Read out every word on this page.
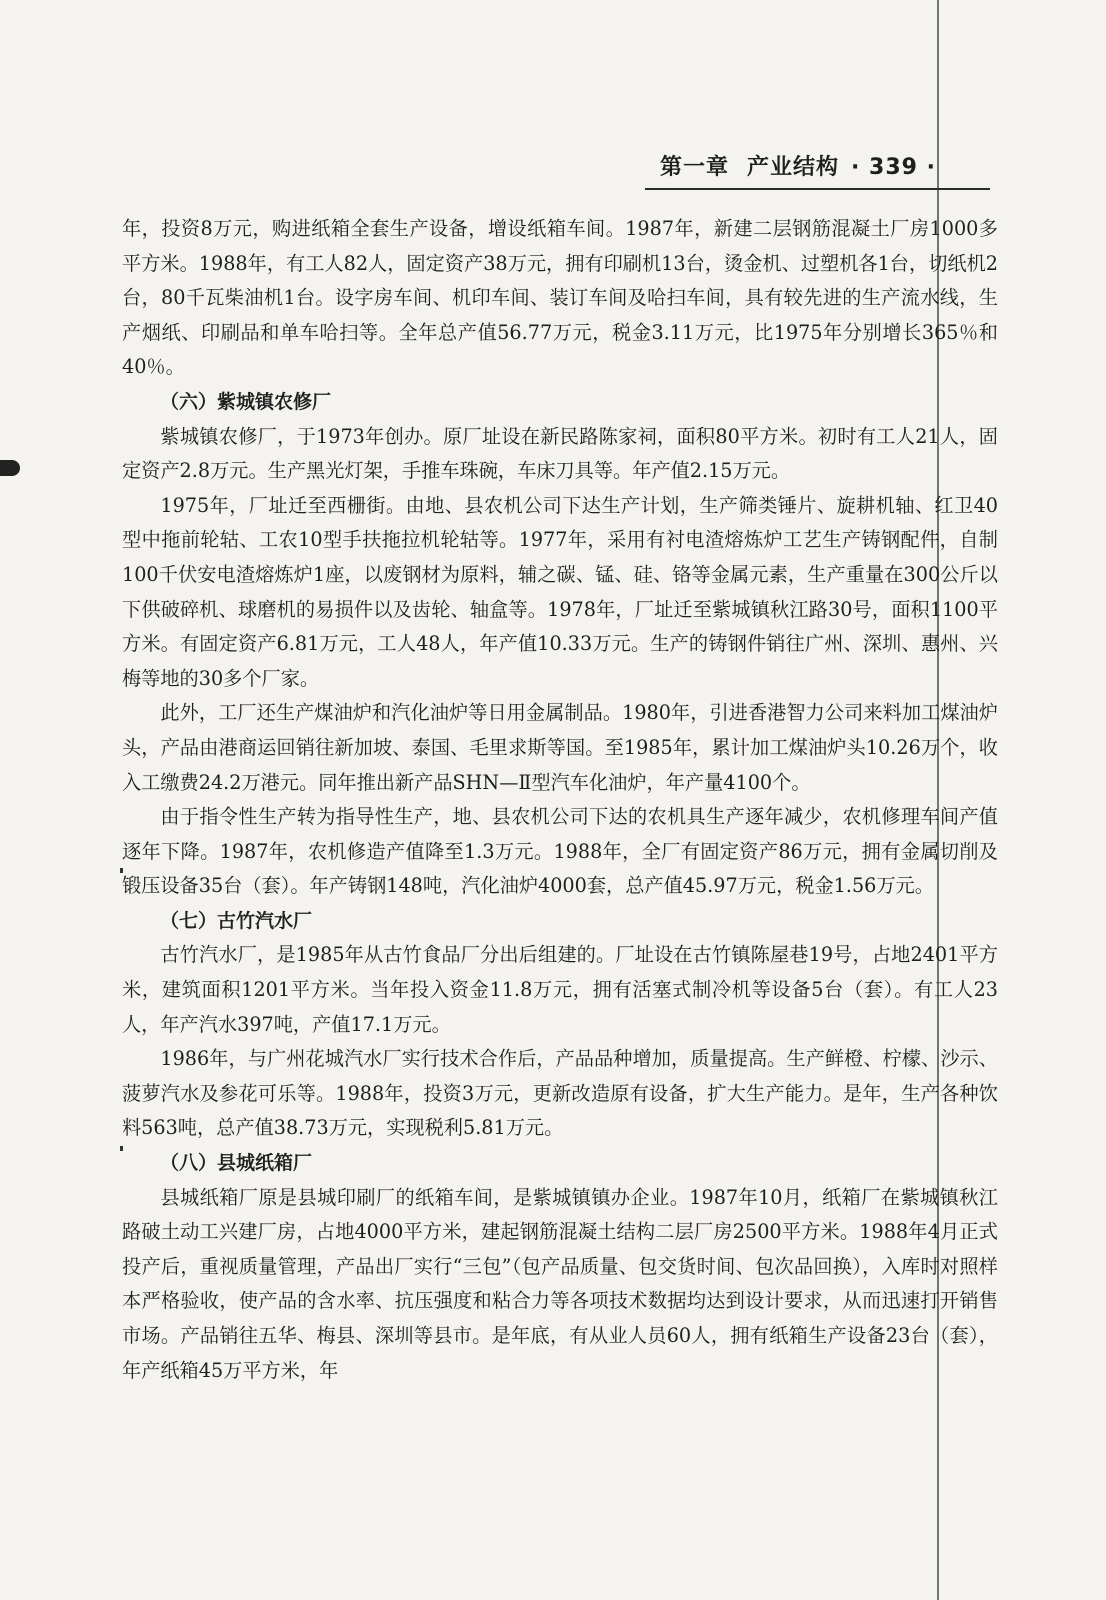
第一章 产业结构 · 339 ·

年，投资8万元，购进纸箱全套生产设备，增设纸箱车间。1987年，新建二层钢筋混凝土厂房1000多平方米。1988年，有工人82人，固定资产38万元，拥有印刷机13台，烫金机、过塑机各1台，切纸机2台，80千瓦柴油机1台。设字房车间、机印车间、装订车间及哈扫车间，具有较先进的生产流水线，生产烟纸、印刷品和单车哈扫等。全年总产值56.77万元，税金3.11万元，比1975年分别增长365％和40％。

（六）紫城镇农修厂

紫城镇农修厂，于1973年创办。原厂址设在新民路陈家祠，面积80平方米。初时有工人21人，固定资产2.8万元。生产黑光灯架，手推车珠碗，车床刀具等。年产值2.15万元。

1975年，厂址迁至西栅街。由地、县农机公司下达生产计划，生产筛类锤片、旋耕机轴、红卫40型中拖前轮轱、工农10型手扶拖拉机轮轱等。1977年，采用有衬电渣熔炼炉工艺生产铸钢配件，自制100千伏安电渣熔炼炉1座，以废钢材为原料，辅之碳、锰、硅、铬等金属元素，生产重量在300公斤以下供破碎机、球磨机的易损件以及齿轮、轴盒等。1978年，厂址迁至紫城镇秋江路30号，面积1100平方米。有固定资产6.81万元，工人48人，年产值10.33万元。生产的铸钢件销往广州、深圳、惠州、兴梅等地的30多个厂家。

此外，工厂还生产煤油炉和汽化油炉等日用金属制品。1980年，引进香港智力公司来料加工煤油炉头，产品由港商运回销往新加坡、泰国、毛里求斯等国。至1985年，累计加工煤油炉头10.26万个，收入工缴费24.2万港元。同年推出新产品SHN—Ⅱ型汽车化油炉，年产量4100个。

由于指令性生产转为指导性生产，地、县农机公司下达的农机具生产逐年减少，农机修理车间产值逐年下降。1987年，农机修造产值降至1.3万元。1988年，全厂有固定资产86万元，拥有金属切削及锻压设备35台（套）。年产铸钢148吨，汽化油炉4000套，总产值45.97万元，税金1.56万元。

（七）古竹汽水厂

古竹汽水厂，是1985年从古竹食品厂分出后组建的。厂址设在古竹镇陈屋巷19号，占地2401平方米，建筑面积1201平方米。当年投入资金11.8万元，拥有活塞式制冷机等设备5台（套）。有工人23人，年产汽水397吨，产值17.1万元。

1986年，与广州花城汽水厂实行技术合作后，产品品种增加，质量提高。生产鲜橙、柠檬、沙示、菠萝汽水及参花可乐等。1988年，投资3万元，更新改造原有设备，扩大生产能力。是年，生产各种饮料563吨，总产值38.73万元，实现税利5.81万元。

（八）县城纸箱厂

县城纸箱厂原是县城印刷厂的纸箱车间，是紫城镇镇办企业。1987年10月，纸箱厂在紫城镇秋江路破土动工兴建厂房，占地4000平方米，建起钢筋混凝土结构二层厂房2500平方米。1988年4月正式投产后，重视质量管理，产品出厂实行“三包”（包产品质量、包交货时间、包次品回换），入库时对照样本严格验收，使产品的含水率、抗压强度和粘合力等各项技术数据均达到设计要求，从而迅速打开销售市场。产品销往五华、梅县、深圳等县市。是年底，有从业人员60人，拥有纸箱生产设备23台（套），年产纸箱45万平方米，年
